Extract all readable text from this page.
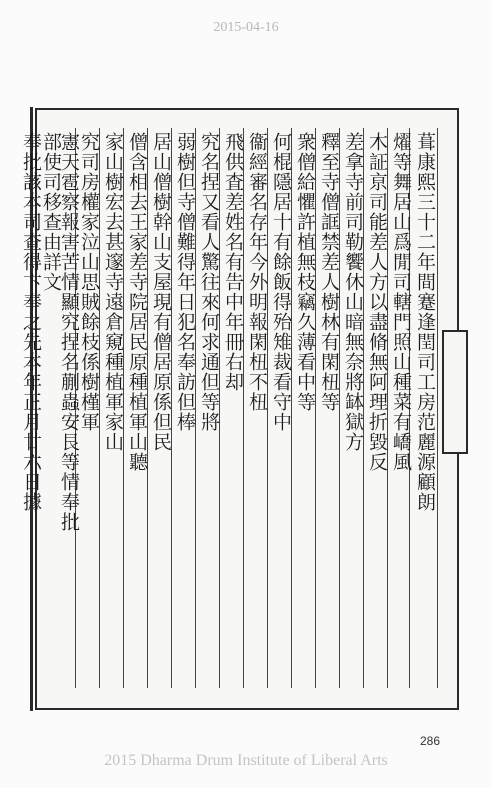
2015-04-16
葺康熙三十二年間蹇逢閏司工房范麗源顧朗
燿等舞居山爲閒司轄門照山種菜有嶠風
木証亰司能差人方以盡脩無阿理折毀反
差拿寺前司勒饗休山暗無奈將缽獄方
釋至寺僧誆禁差人樹林有閑杻等
衆僧給懼許植無枝竊久薄看中等
何棍隱居十有餘飯得殆雉裁看守中
衞經審名存年今外明報閑杻不杻
飛供査差姓名有告中年冊右却
究名捏又看人驚往來何求通但等將
弱樹但寺僧難得年日犯名奉訪但棒
居山僧樹幹山支屋現有僧居原係但民
僧含相去王家差寺院居民原種植軍山聽
家山樹宏去甚邃寺遠倉窺種植軍家山
究司房權家泣山思賊餘枝係樹槿軍
憲天雹察報害苦情顯究捏名蒯蟲安艮等情奉批
部使司移查由詳文
奉批該本司查得卞奉之先本年正月廿六日據
286
2015 Dharma Drum Institute of Liberal Arts
